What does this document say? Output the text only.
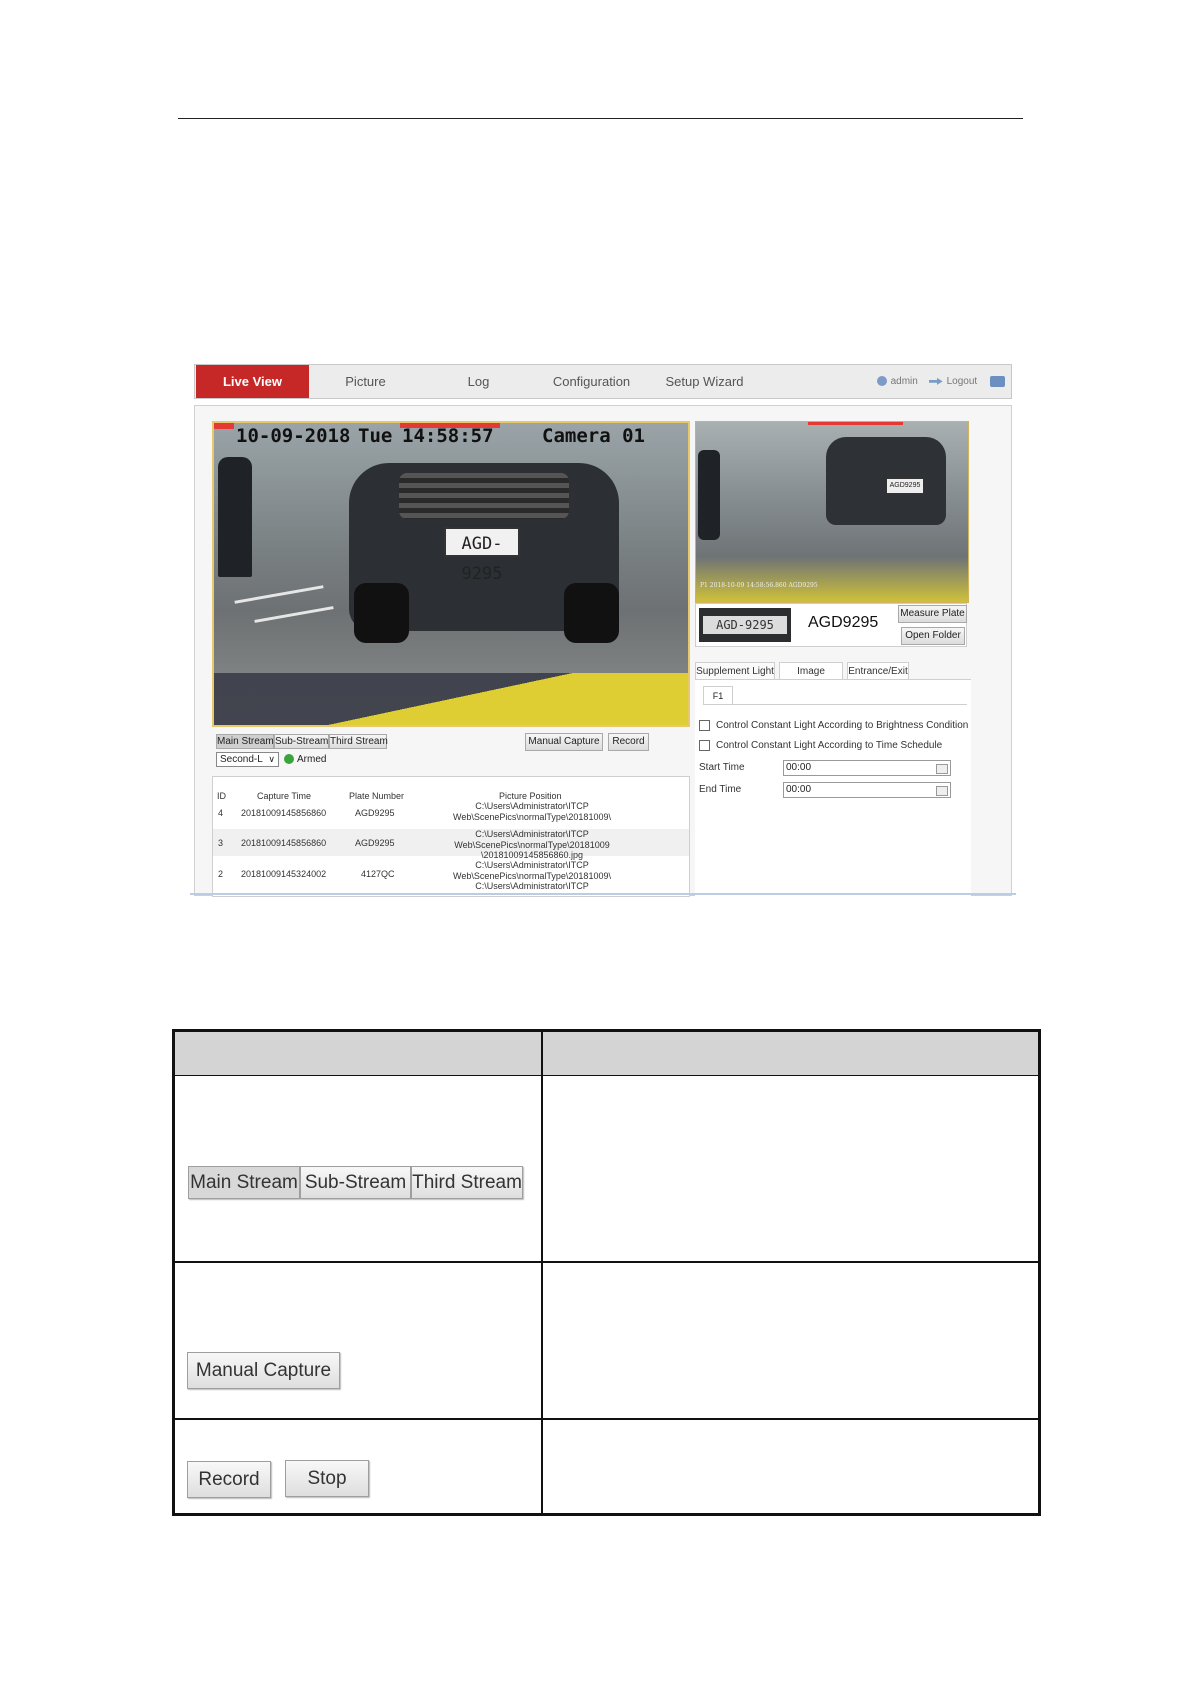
Live View	Picture	Log	Configuration	Setup Wizard	admin	Logout
AGD-9295
10-09-2018 Tue 14:58:57	Camera 01
Main Stream Sub-Stream Third Stream	Manual Capture	Record
Second-L ∨	Armed
ID	Capture Time	Plate Number	Picture Position
4 20181009145856860	AGD9295
C:\Users\Administrator\ITCP
Web\ScenePics\normalType\20181009\
3 20181009145856860	AGD9295
C:\Users\Administrator\ITCP
Web\ScenePics\normalType\20181009
\20181009145856860.jpg
2 20181009145324002	4127QC
C:\Users\Administrator\ITCP
Web\ScenePics\normalType\20181009\
C:\Users\Administrator\ITCP
AGD9295
P1 2018-10-09 14:58:56.860 AGD9295
AGD-9295	AGD9295
Measure Plate
Open Folder
Supplement Light	Image	Entrance/Exit
F1
Control Constant Light According to Brightness Condition
Control Constant Light According to Time Schedule
Start Time	00:00
End Time	00:00
Main Stream Sub-Stream Third Stream
Manual Capture
Record	Stop
